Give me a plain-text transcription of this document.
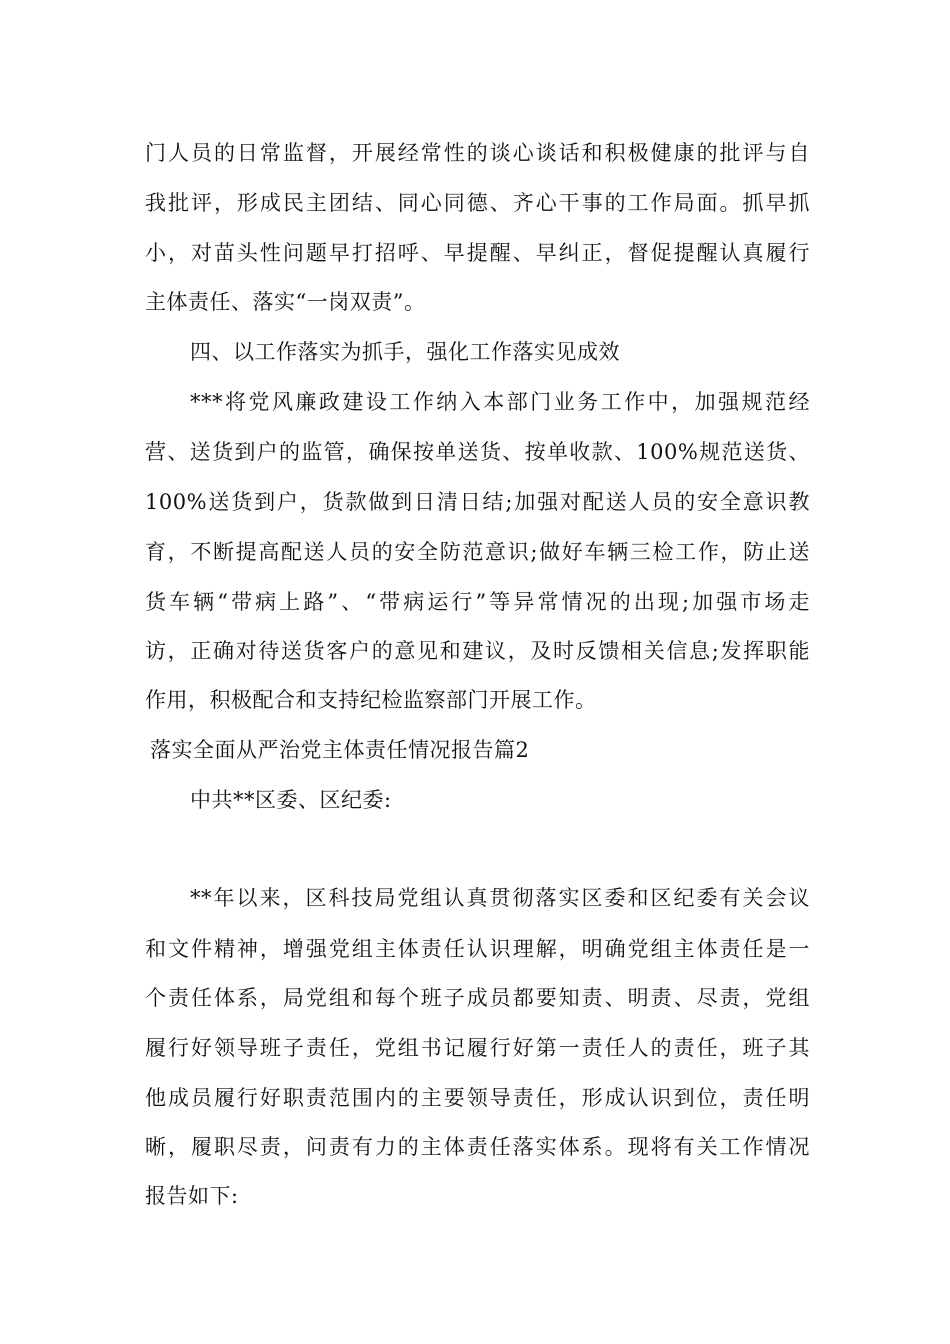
门人员的日常监督，开展经常性的谈心谈话和积极健康的批评与自
我批评，形成民主团结、同心同德、齐心干事的工作局面。抓早抓
小，对苗头性问题早打招呼、早提醒、早纠正，督促提醒认真履行
主体责任、落实“一岗双责”。
四、以工作落实为抓手，强化工作落实见成效
***将党风廉政建设工作纳入本部门业务工作中，加强规范经
营、送货到户的监管，确保按单送货、按单收款、100%规范送货、
100%送货到户，货款做到日清日结;加强对配送人员的安全意识教
育，不断提高配送人员的安全防范意识;做好车辆三检工作，防止送
货车辆“带病上路”、“带病运行”等异常情况的出现;加强市场走
访，正确对待送货客户的意见和建议，及时反馈相关信息;发挥职能
作用，积极配合和支持纪检监察部门开展工作。
落实全面从严治党主体责任情况报告篇2
中共**区委、区纪委:
**年以来，区科技局党组认真贯彻落实区委和区纪委有关会议
和文件精神，增强党组主体责任认识理解，明确党组主体责任是一
个责任体系，局党组和每个班子成员都要知责、明责、尽责，党组
履行好领导班子责任，党组书记履行好第一责任人的责任，班子其
他成员履行好职责范围内的主要领导责任，形成认识到位，责任明
晰，履职尽责，问责有力的主体责任落实体系。现将有关工作情况
报告如下:
